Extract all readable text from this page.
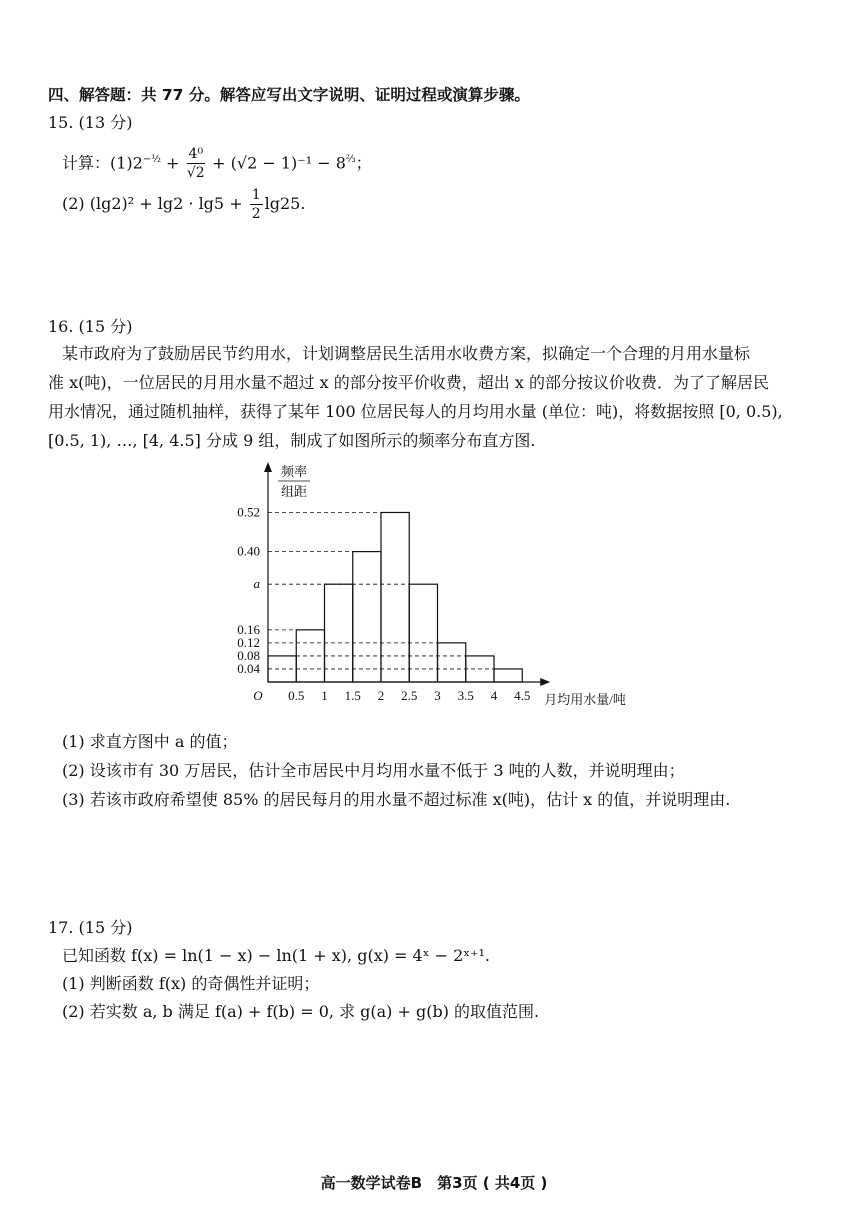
四、解答题：共 77 分。解答应写出文字说明、证明过程或演算步骤。
15. (13 分)
计算：$(1)2^{-\frac{1}{2}} + \frac{\text{4⁰}}{√2} + (√2 - 1)^{-1} - 8^{\frac{2}{3}}$；
(2) $(\lg 2)^2 + \lg 2 \cdot \lg 5 + \frac{1}{2} \lg 25$.
16. (15 分)
某市政府为了鼓励居民节约用水，计划调整居民生活用水收费方案，拟确定一个合理的月用水量标
准 x(吨)，一位居民的月用水量不超过 x 的部分按平价收费，超出 x 的部分按议价收费．为了了解居民
用水情况，通过随机抽样，获得了某年 100 位居民每人的月均用水量 (单位：吨)，将数据按照 [0, 0.5),
[0.5, 1), …, [4, 4.5] 分成 9 组，制成了如图所示的频率分布直方图.
0.04
0.08
0.12
0.16
a
0.40
0.52
0.5 1 1.5 2 2.5 3 3.5 4 4.5
O
频率
组距
月均用水量/吨
(1) 求直方图中 a 的值；
(2) 设该市有 30 万居民，估计全市居民中月均用水量不低于 3 吨的人数，并说明理由；
(3) 若该市政府希望使 85% 的居民每月的用水量不超过标准 x(吨)，估计 x 的值，并说明理由.
17. (15 分)
已知函数 f(x) = ln(1 − x) − ln(1 + x), g(x) = 4ˣ − 2ˣ⁺¹.
(1) 判断函数 f(x) 的奇偶性并证明；
(2) 若实数 a, b 满足 f(a) + f(b) = 0, 求 g(a) + g(b) 的取值范围.
高一数学试卷B　第3页 ( 共4页 )
